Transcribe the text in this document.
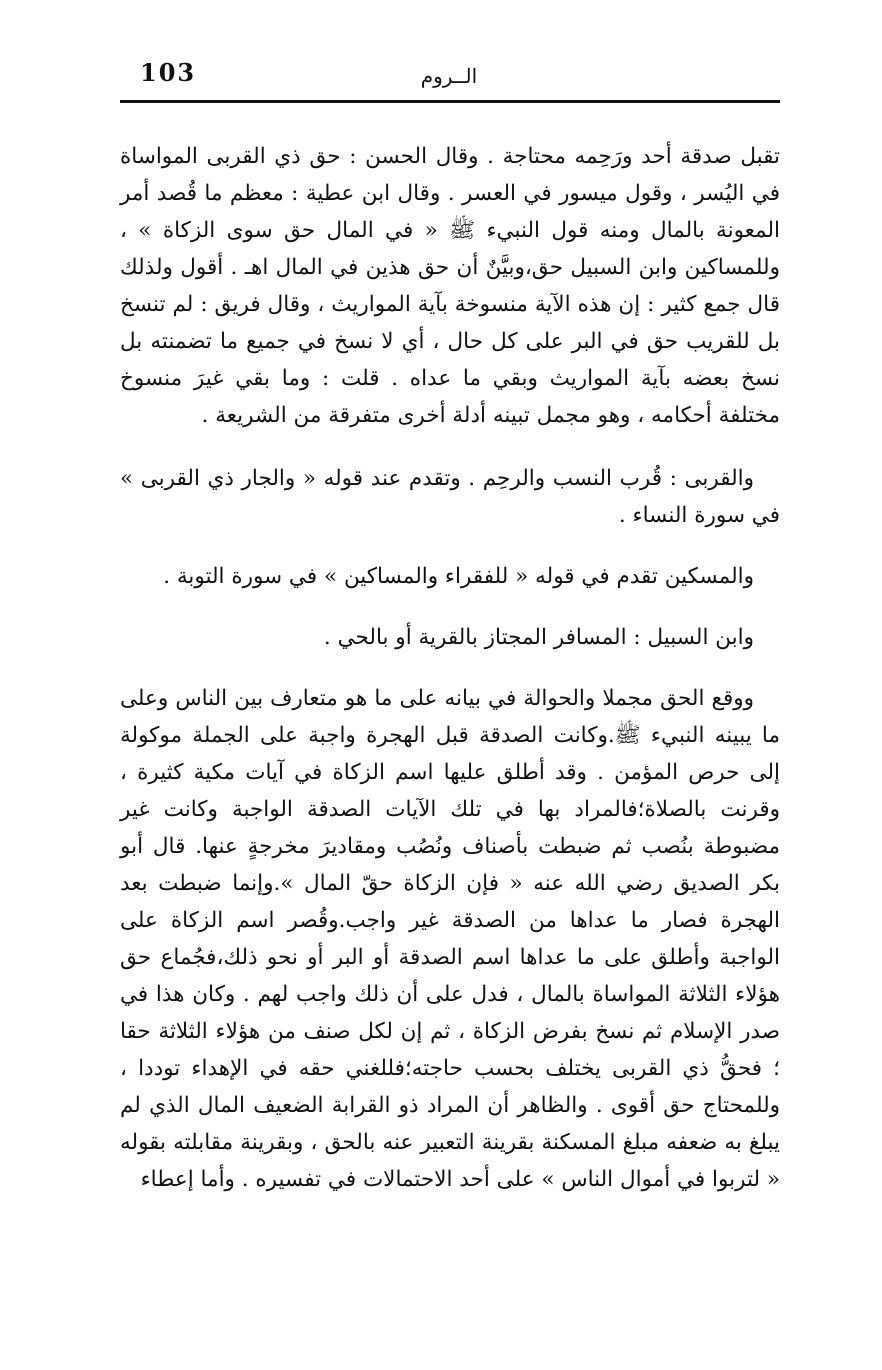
103	الــروم

تقبل صدقة أحد ورَحِمه محتاجة . وقال الحسن : حق ذي القربى المواساة في اليُسر ، وقول ميسور في العسر . وقال ابن عطية : معظم ما قُصد أمر المعونة بالمال ومنه قول النبيء ﷺ « في المال حق سوى الزكاة » ، وللمساكين وابن السبيل حق،وبيَّنٌ أن حق هذين في المال اهـ . أقول ولذلك قال جمع كثير : إن هذه الآية منسوخة بآية المواريث ، وقال فريق : لم تنسخ بل للقريب حق في البر على كل حال ، أي لا نسخ في جميع ما تضمنته بل نسخ بعضه بآية المواريث وبقي ما عداه . قلت : وما بقي غيرَ منسوخ مختلفة أحكامه ، وهو مجمل تبينه أدلة أخرى متفرقة من الشريعة .

والقربى : قُرب النسب والرحِم . وتقدم عند قوله « والجار ذي القربى » في سورة النساء .

والمسكين تقدم في قوله « للفقراء والمساكين » في سورة التوبة .

وابن السبيل : المسافر المجتاز بالقرية أو بالحي .

ووقع الحق مجملا والحوالة في بيانه على ما هو متعارف بين الناس وعلى ما يبينه النبيء ﷺ.وكانت الصدقة قبل الهجرة واجبة على الجملة موكولة إلى حرص المؤمن . وقد أطلق عليها اسم الزكاة في آيات مكية كثيرة ، وقرنت بالصلاة؛فالمراد بها في تلك الآيات الصدقة الواجبة وكانت غير مضبوطة بنُصب ثم ضبطت بأصناف ونُصُب ومقاديرَ مخرجةٍ عنها. قال أبو بكر الصديق رضي الله عنه « فإن الزكاة حقّ المال ».وإنما ضبطت بعد الهجرة فصار ما عداها من الصدقة غير واجب.وقُصر اسم الزكاة على الواجبة وأطلق على ما عداها اسم الصدقة أو البر أو نحو ذلك،فجُماع حق هؤلاء الثلاثة المواساة بالمال ، فدل على أن ذلك واجب لهم . وكان هذا في صدر الإسلام ثم نسخ بفرض الزكاة ، ثم إن لكل صنف من هؤلاء الثلاثة حقا ؛ فحقُّ ذي القربى يختلف بحسب حاجته؛فللغني حقه في الإهداء توددا ، وللمحتاج حق أقوى . والظاهر أن المراد ذو القرابة الضعيف المال الذي لم يبلغ به ضعفه مبلغ المسكنة بقرينة التعبير عنه بالحق ، وبقرينة مقابلته بقوله « لتربوا في أموال الناس » على أحد الاحتمالات في تفسيره . وأما إعطاء
